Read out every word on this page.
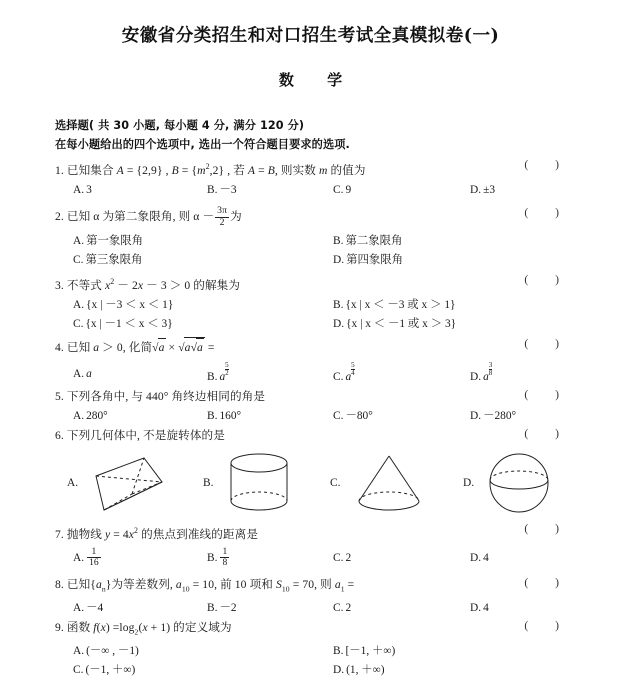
安徽省分类招生和对口招生考试全真模拟卷(一)
数 学
选择题( 共 30 小题, 每小题 4 分, 满分 120 分)
在每小题给出的四个选项中, 选出一个符合题目要求的选项.
1. 已知集合 A = {2,9} , $B = \{m^2,2\}$ , 若 A = B, 则实数 m 的值为	( )
A. 3	B. －3	C. 9	D. ±3
2. 已知 α 为第二象限角, 则 $\alpha - \frac{3\pi}{2}$ 为	( )
A. 第一象限角	B. 第二象限角
C. 第三象限角	D. 第四象限角
3. 不等式 $x^2 - 2x - 3 > 0$ 的解集为	( )
A. {x | －3 ＜ x ＜ 1}	B. {x | x ＜ －3 或 x ＞ 1}
C. {x | －1 ＜ x ＜ 3}	D. {x | x ＜ －1 或 x ＞ 3}
4. 已知 a ＞ 0, 化简√a × √a√a =	( )
A. a	B. a $\frac{5}{2}$	C. a $\frac{5}{4}$	D. a $\frac{3}{8}$
5. 下列各角中, 与 440° 角终边相同的角是	( )
A. 280°	B. 160°	C. －80°	D. －280°
6. 下列几何体中, 不是旋转体的是	( )
A.	B.	C.	D.
7. 抛物线 $y = 4x^2$ 的焦点到准线的距离是	( )
A. $\frac{1}{16}$	B. $\frac{1}{8}$	C. 2	D. 4
8. 已知$\{a_n\}$为等差数列, $a_{10} = 10$, 前 10 项和 $S_{10} = 70$, 则 $a_1$ =	( )
A. －4	B. －2	C. 2	D. 4
9. 函数 $f(x) =\log_2(x + 1)$ 的定义域为	( )
A. (－∞ , －1)	B. [－1, ＋∞)
C. (－1, ＋∞)	D. (1, ＋∞)
